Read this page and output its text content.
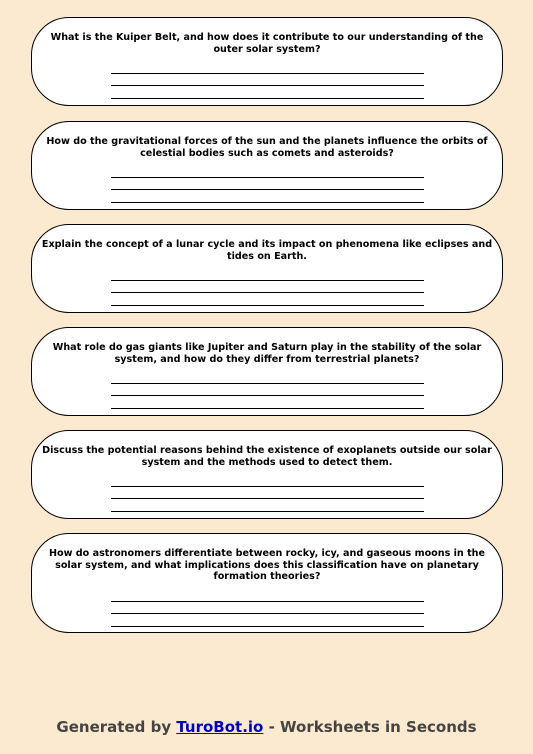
What is the Kuiper Belt, and how does it contribute to our understanding of the outer solar system?

How do the gravitational forces of the sun and the planets influence the orbits of celestial bodies such as comets and asteroids?

Explain the concept of a lunar cycle and its impact on phenomena like eclipses and tides on Earth.

What role do gas giants like Jupiter and Saturn play in the stability of the solar system, and how do they differ from terrestrial planets?

Discuss the potential reasons behind the existence of exoplanets outside our solar system and the methods used to detect them.

How do astronomers differentiate between rocky, icy, and gaseous moons in the solar system, and what implications does this classification have on planetary formation theories?

Generated by TuroBot.io - Worksheets in Seconds
